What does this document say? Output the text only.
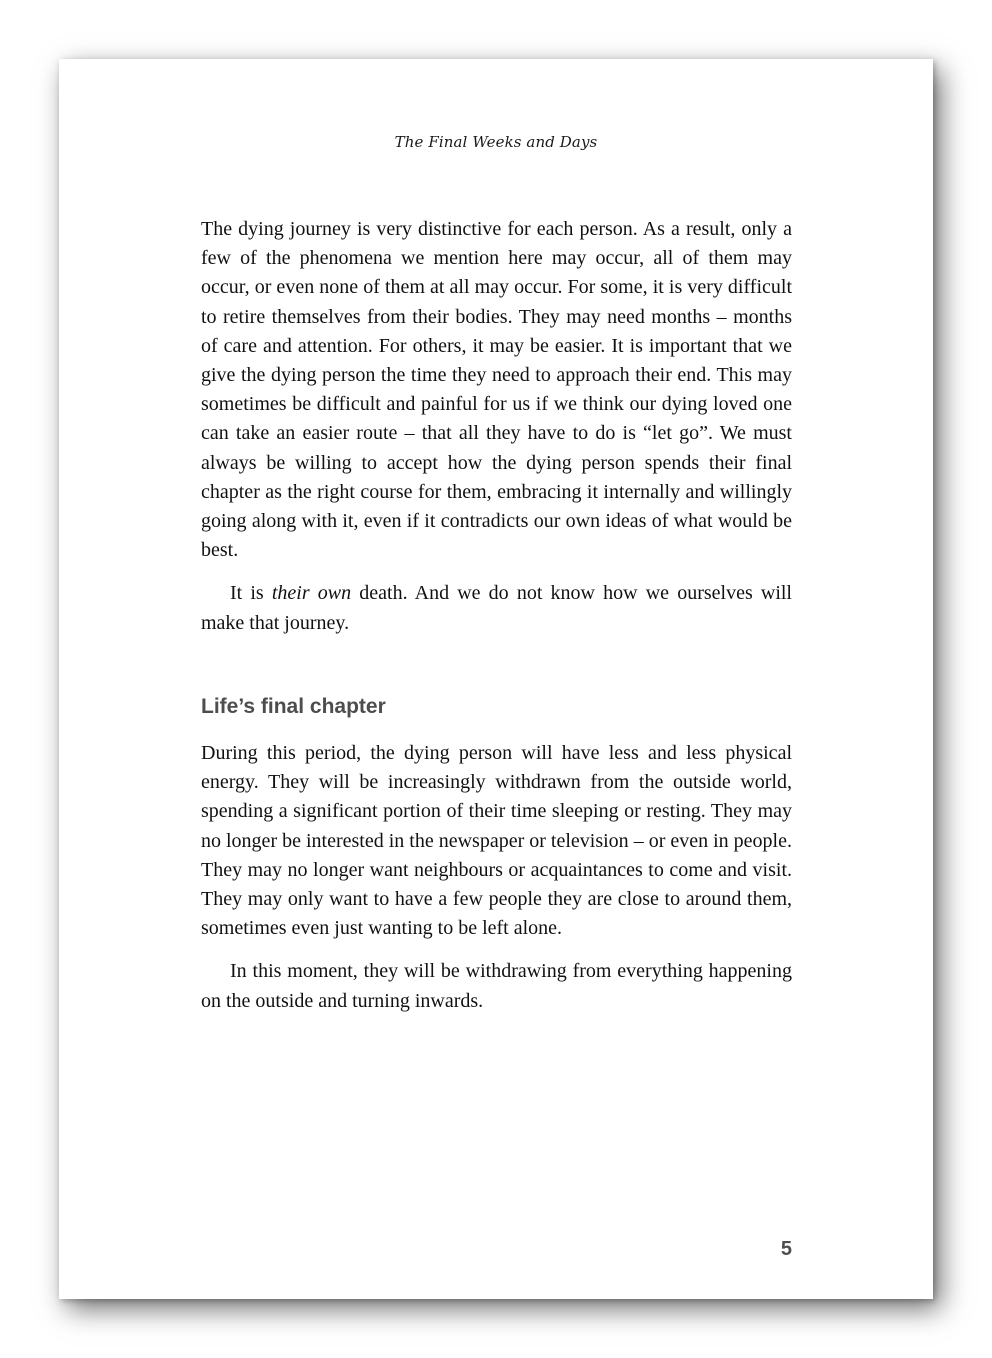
The Final Weeks and Days

The dying journey is very distinctive for each person. As a result, only a few of the phenomena we mention here may occur, all of them may occur, or even none of them at all may occur. For some, it is very difficult to retire themselves from their bodies. They may need months – months of care and attention. For others, it may be easier. It is important that we give the dying person the time they need to approach their end. This may sometimes be difficult and painful for us if we think our dying loved one can take an easier route – that all they have to do is “let go”. We must always be willing to accept how the dying person spends their final chapter as the right course for them, embracing it internally and willingly going along with it, even if it contradicts our own ideas of what would be best.

It is their own death. And we do not know how we ourselves will make that journey.

Life’s final chapter

During this period, the dying person will have less and less physical energy. They will be increasingly withdrawn from the outside world, spending a significant portion of their time sleeping or resting. They may no longer be interested in the newspaper or television – or even in people. They may no longer want neighbours or acquaintances to come and visit. They may only want to have a few people they are close to around them, sometimes even just wanting to be left alone.

In this moment, they will be withdrawing from everything happening on the outside and turning inwards.

5
